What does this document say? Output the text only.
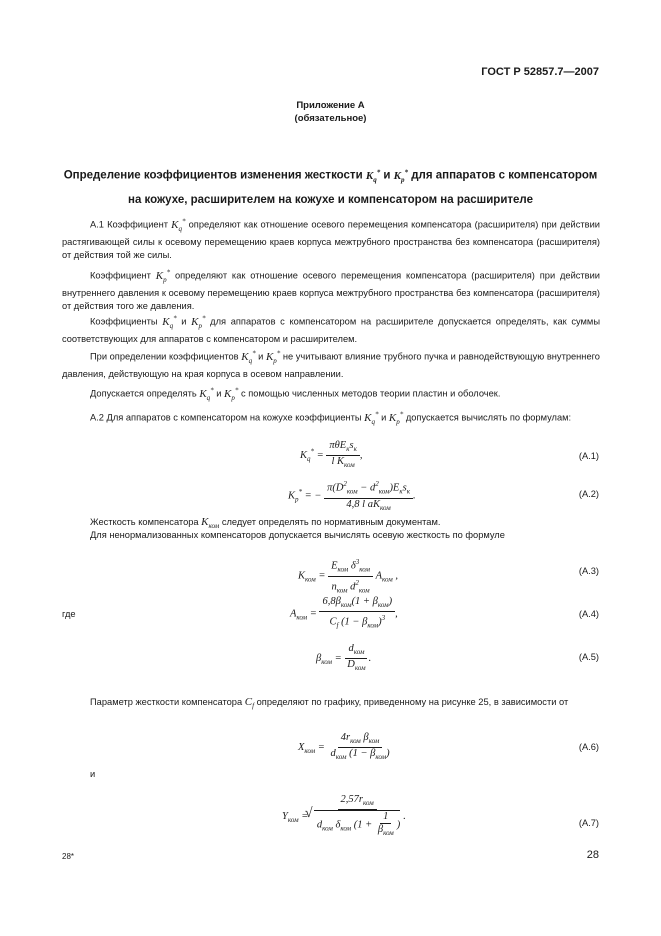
ГОСТ Р 52857.7—2007
Приложение А
(обязательное)
Определение коэффициентов изменения жесткости $K_q^*$ и $K_p^*$ для аппаратов с компенсатором
на кожухе, расширителем на кожухе и компенсатором на расширителе
А.1 Коэффициент $K_q^*$ определяют как отношение осевого перемещения компенсатора (расширителя) при действии растягивающей силы к осевому перемещению краев корпуса межтрубного пространства без компенсатора (расширителя) от действия той же силы.
Коэффициент $K_p^*$ определяют как отношение осевого перемещения компенсатора (расширителя) при действии внутреннего давления к осевому перемещению краев корпуса межтрубного пространства без компенсатора (расширителя) от действия того же давления.
Коэффициенты $K_q^*$ и $K_p^*$ для аппаратов с компенсатором на расширителе допускается определять, как суммы соответствующих для аппаратов с компенсатором и расширителем.
При определении коэффициентов $K_q^*$ и $K_p^*$ не учитывают влияние трубного пучка и равнодействующую внутреннего давления, действующую на края корпуса в осевом направлении.
Допускается определять $K_q^*$ и $K_p^*$ с помощью численных методов теории пластин и оболочек.
А.2 Для аппаратов с компенсатором на кожухе коэффициенты $K_q^*$ и $K_p^*$ допускается вычислять по формулам:
$K_q^* = \frac{\pi\theta E_кs_к}{l K_{ком}}$ ,	(А.1)
$K_p^*$ = − $\frac{\pi(D^2_{ком} - d^2_{ком})E_кs_к}{4,8 l aK_{ком}}$ .	(А.2)
Жесткость компенсатора $K_{ком}$ следует определять по нормативным документам.
Для ненормализованных компенсаторов допускается вычислять осевую жесткость по формуле
$K_{ком} = \frac{E_{ком} \delta^3_{ком}}{n_{ком} d^2_{ком}} A_{ком}$ ,	(А.3)
где	$A_{ком} = \frac{6,8\beta_{ком}(1 + \beta_{ком})}{C_f (1 - \beta_{ком})^3}$ ,	(А.4)
$\beta_{ком} = \frac{d_{ком}}{D_{ком}}$ .	(А.5)
Параметр жесткости компенсатора $C_f$ определяют по графику, приведенному на рисунке 25, в зависимости от
$X_{ком} = \frac{4r_{ком} \beta_{ком}}{d_{ком} (1 - \beta_{ком})}$	(А.6)
и
$Y_{ком} = 2,57r_{ком}$
√ $d_{ком}$ $\delta_{ком}$ ($1 + \frac{1}{\beta_{ком}}$ ) .
(А.7)
28*	28
